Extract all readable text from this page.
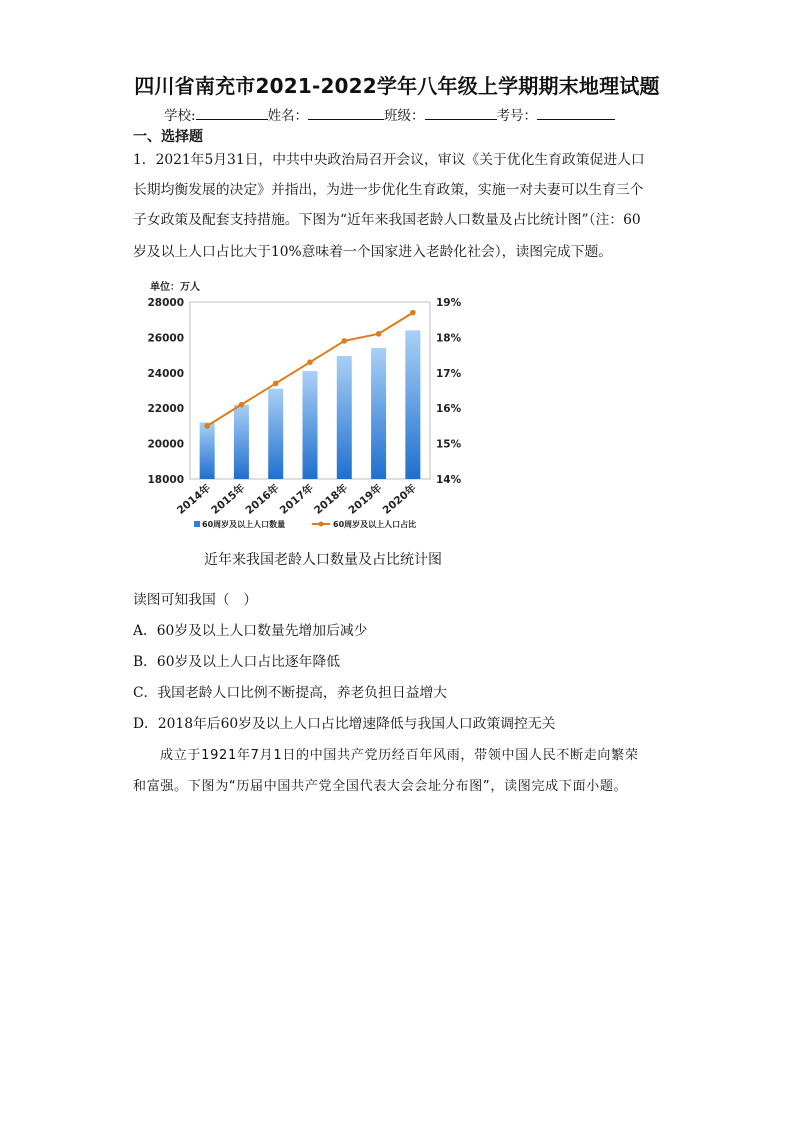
四川省南充市2021-2022学年八年级上学期期末地理试题
学校:	姓名：	班级：	考号：
一、选择题
1．2021年5月31日，中共中央政治局召开会议，审议《关于优化生育政策促进人口
长期均衡发展的决定》并指出，为进一步优化生育政策，实施一对夫妻可以生育三个
子女政策及配套支持措施。下图为“近年来我国老龄人口数量及占比统计图”（注：60
岁及以上人口占比大于10%意味着一个国家进入老龄化社会），读图完成下题。
单位：万人
18000
20000
22000
24000
26000
28000
14%
15%
16%
17%
18%
19%
2014年
2015年
2016年
2017年
2018年
2019年
2020年
60周岁及以上人口数量	60周岁及以上人口占比
近年来我国老龄人口数量及占比统计图
读图可知我国（　）
A．60岁及以上人口数量先增加后减少
B．60岁及以上人口占比逐年降低
C．我国老龄人口比例不断提高，养老负担日益增大
D．2018年后60岁及以上人口占比增速降低与我国人口政策调控无关
成立于1921年7月1日的中国共产党历经百年风雨，带领中国人民不断走向繁荣
和富强。下图为“历届中国共产党全国代表大会会址分布图”，读图完成下面小题。
